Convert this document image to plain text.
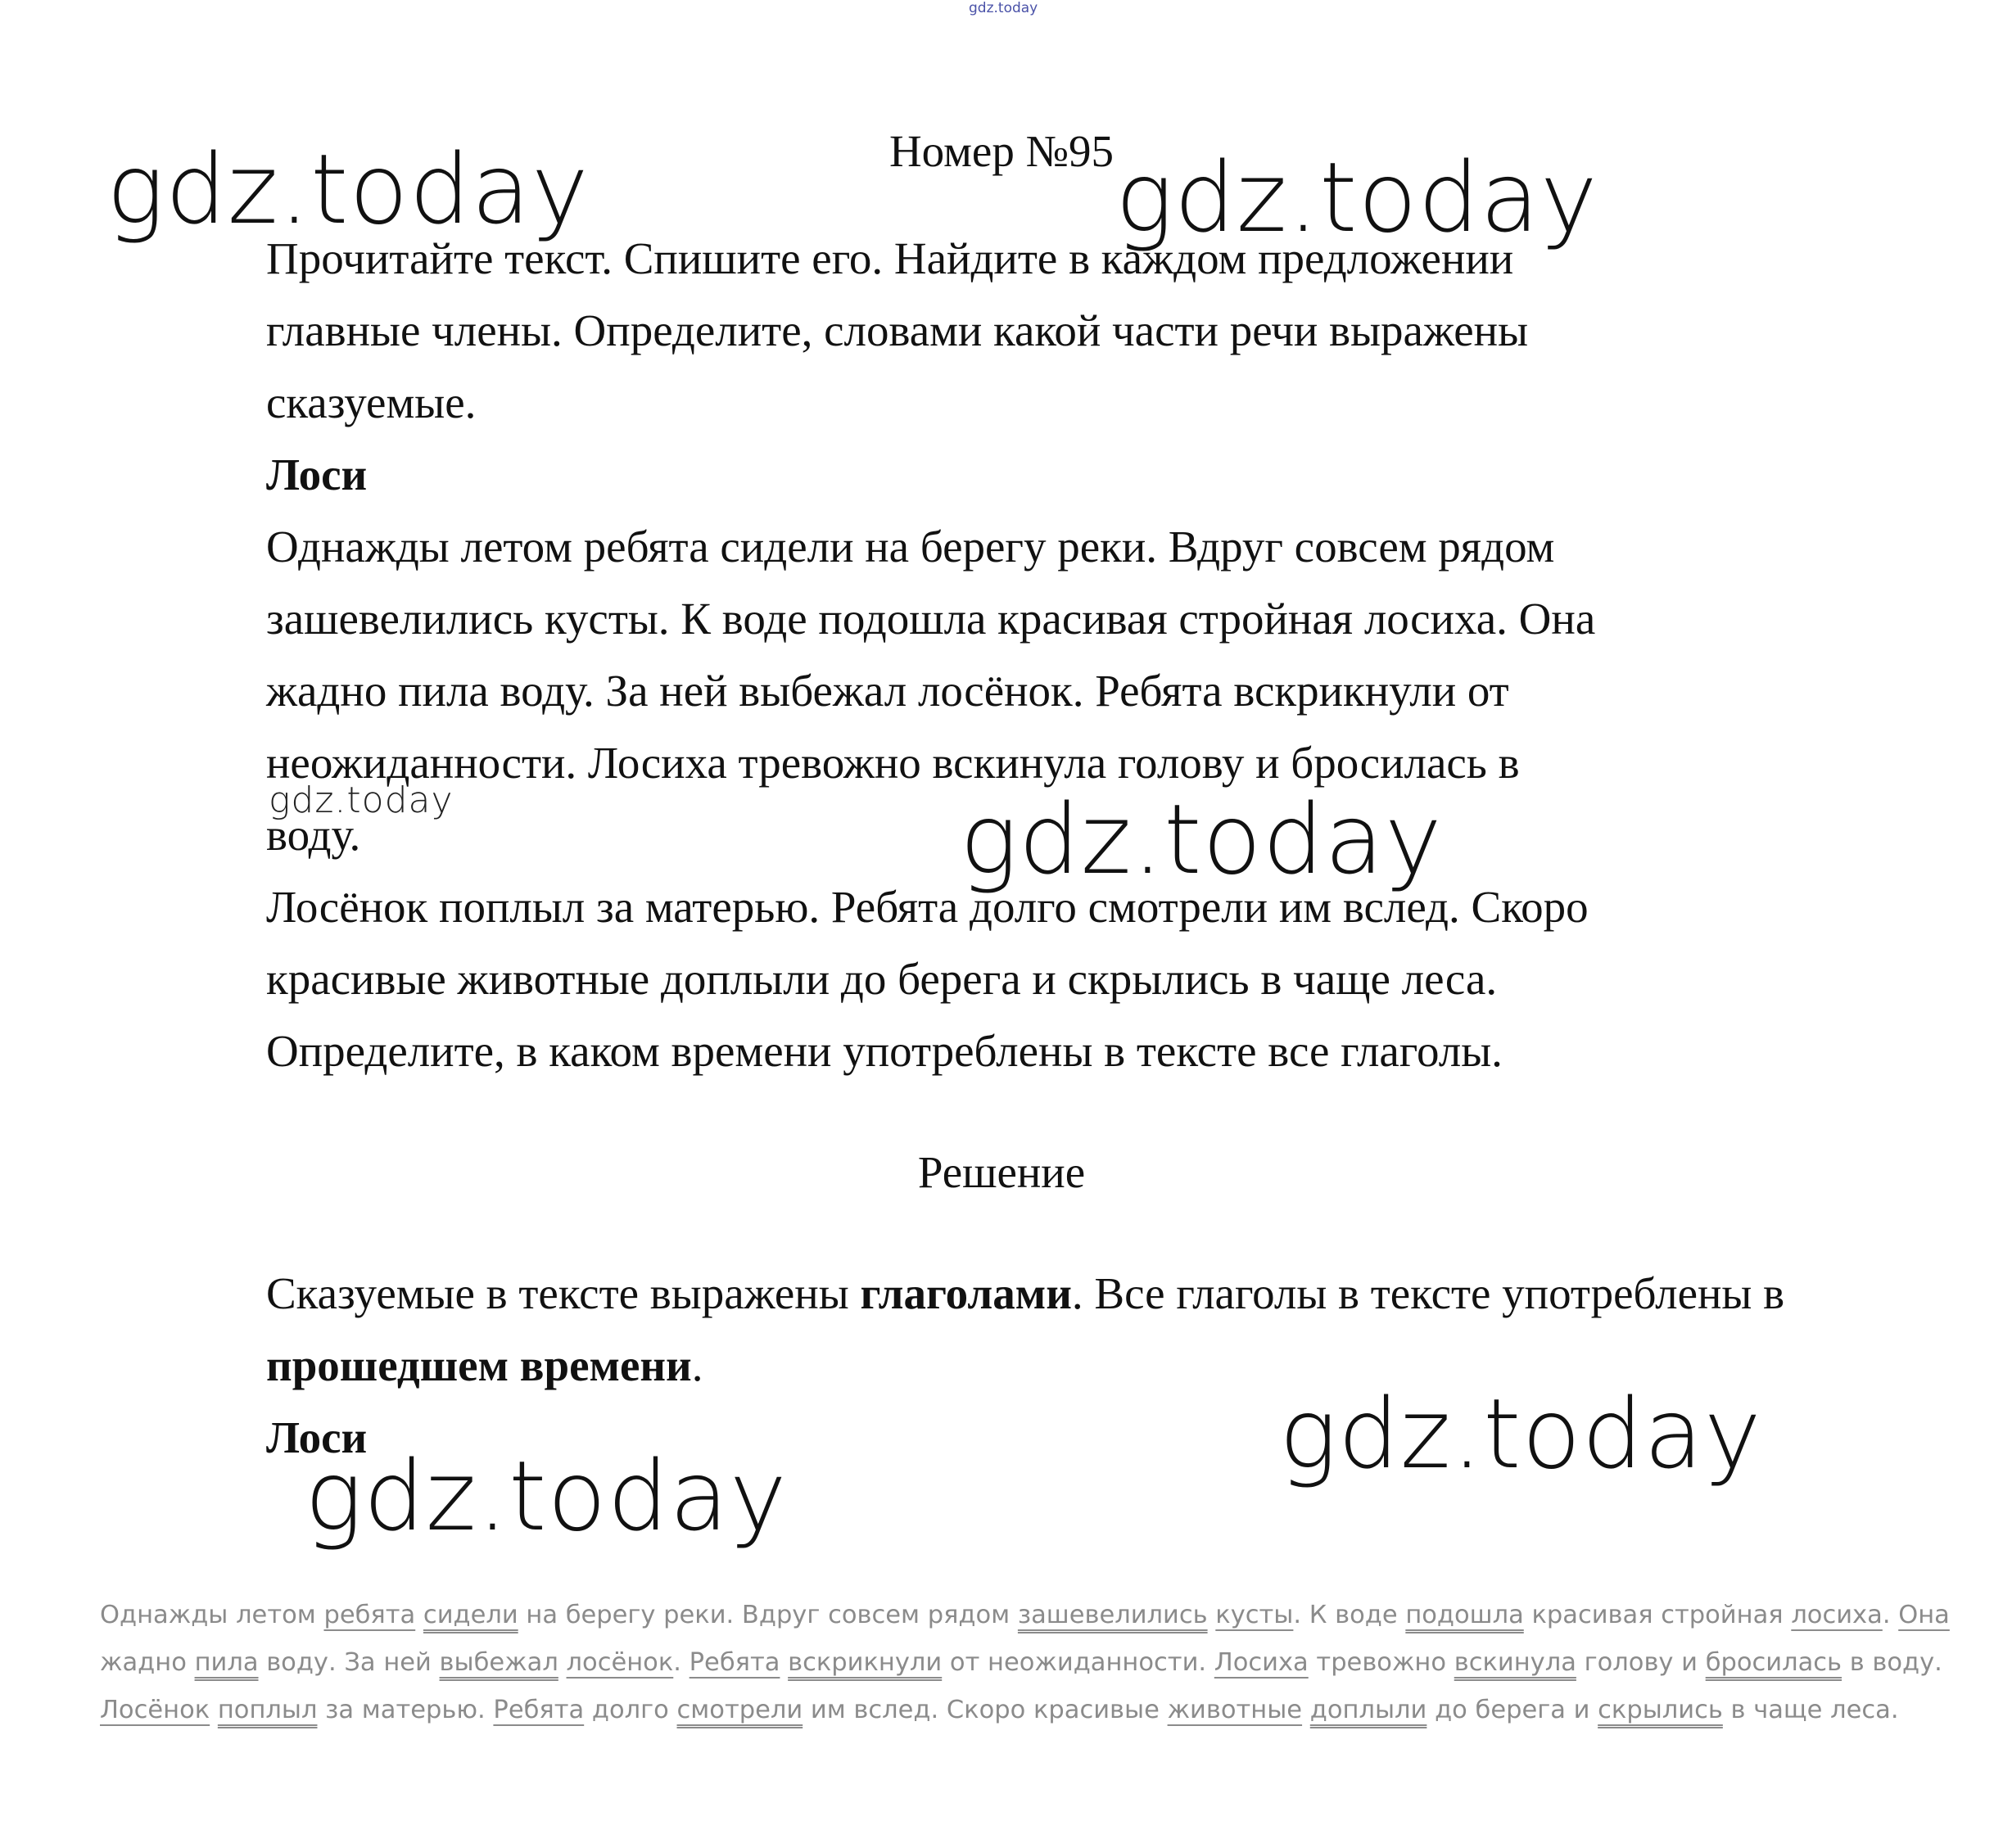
gdz.today
Номер №95
gdz.today	gdz.today
Прочитайте текст. Спишите его. Найдите в каждом предложении
главные члены. Определите, словами какой части речи выражены
сказуемые.
Лоси
Однажды летом ребята сидели на берегу реки. Вдруг совсем рядом
зашевелились кусты. К воде подошла красивая стройная лосиха. Она
жадно пила воду. За ней выбежал лосёнок. Ребята вскрикнули от
неожиданности. Лосиха тревожно вскинула голову и бросилась в
воду.
Лосёнок поплыл за матерью. Ребята долго смотрели им вслед. Скоро
красивые животные доплыли до берега и скрылись в чаще леса.
Определите, в каком времени употреблены в тексте все глаголы.
gdz.today	gdz.today
Решение
Сказуемые в тексте выражены глаголами. Все глаголы в тексте употреблены в прошедшем времени.
Лоси	gdz.today
gdz.today
Однажды летом ребята сидели на берегу реки. Вдруг совсем рядом зашевелились кусты. К воде подошла красивая стройная лосиха. Она жадно пила воду. За ней выбежал лосёнок. Ребята вскрикнули от неожиданности. Лосиха тревожно вскинула голову и бросилась в воду. Лосёнок поплыл за матерью. Ребята долго смотрели им вслед. Скоро красивые животные доплыли до берега и скрылись в чаще леса.
